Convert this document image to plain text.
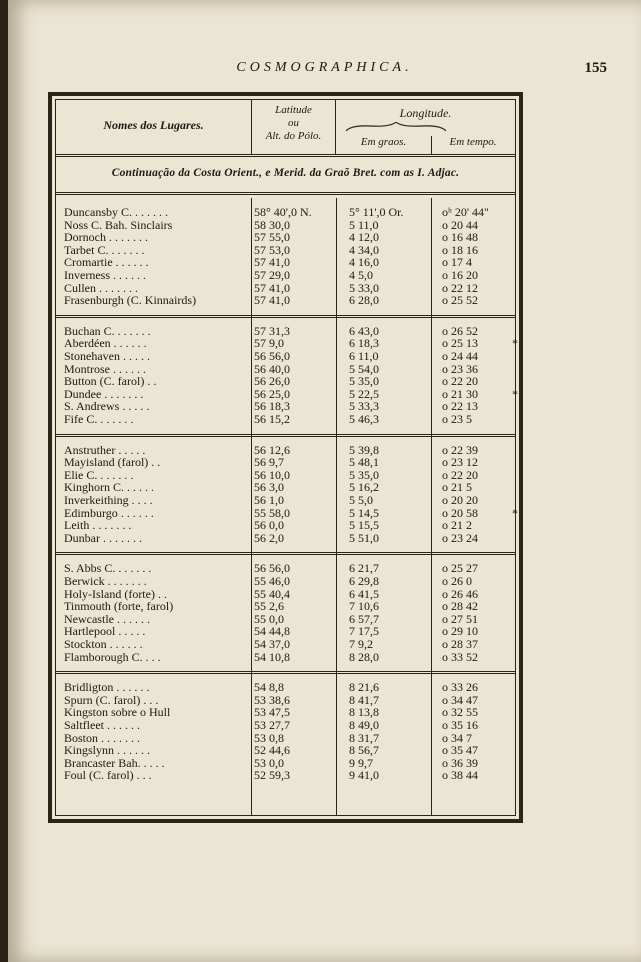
COSMOGRAPHICA.	155
Nomes dos Lugares.
Latitude
ou
Alt. do Pólo.
Longitude.
Em graos.	Em tempo.
Continuação da Costa Orient., e Merid. da Graõ Bret. com as I. Adjac.
Duncansby C. . . . . . .	58° 40',0 N.	5° 11',0 Or.	oʰ 20' 44"
Noss C. Bah. Sinclairs	58 30,0	5 11,0	o 20 44
Dornoch . . . . . . .	57 55,0	4 12,0	o 16 48
Tarbet C. . . . . . .	57 53,0	4 34,0	o 18 16
Cromartie . . . . . .	57 41,0	4 16,0	o 17 4
Inverness . . . . . .	57 29,0	4 5,0	o 16 20
Cullen . . . . . . .	57 41,0	5 33,0	o 22 12
Frasenburgh (C. Kinnairds)	57 41,0	6 28,0	o 25 52
Buchan C. . . . . . .	57 31,3	6 43,0	o 26 52
Aberdéen . . . . . .	57 9,0	6 18,3	o 25 13	*
Stonehaven . . . . .	56 56,0	6 11,0	o 24 44
Montrose . . . . . .	56 40,0	5 54,0	o 23 36
Button (C. farol) . .	56 26,0	5 35,0	o 22 20
Dundee . . . . . . .	56 25,0	5 22,5	o 21 30	*
S. Andrews . . . . .	56 18,3	5 33,3	o 22 13
Fife C. . . . . . .	56 15,2	5 46,3	o 23 5
Anstruther . . . . .	56 12,6	5 39,8	o 22 39
Mayisland (farol) . .	56 9,7	5 48,1	o 23 12
Elie C. . . . . . .	56 10,0	5 35,0	o 22 20
Kinghorn C. . . . . .	56 3,0	5 16,2	o 21 5
Inverkeithing . . . .	56 1,0	5 5,0	o 20 20
Edimburgo . . . . . .	55 58,0	5 14,5	o 20 58	*
Leith . . . . . . .	56 0,0	5 15,5	o 21 2
Dunbar . . . . . . .	56 2,0	5 51,0	o 23 24
S. Abbs C. . . . . . .	56 56,0	6 21,7	o 25 27
Berwick . . . . . . .	55 46,0	6 29,8	o 26 0
Holy-Island (forte) . .	55 40,4	6 41,5	o 26 46
Tinmouth (forte, farol)	55 2,6	7 10,6	o 28 42
Newcastle . . . . . .	55 0,0	6 57,7	o 27 51
Hartlepool . . . . .	54 44,8	7 17,5	o 29 10
Stockton . . . . . .	54 37,0	7 9,2	o 28 37
Flamborough C. . . .	54 10,8	8 28,0	o 33 52
Bridligton . . . . . .	54 8,8	8 21,6	o 33 26
Spurn (C. farol) . . .	53 38,6	8 41,7	o 34 47
Kingston sobre o Hull	53 47,5	8 13,8	o 32 55
Saltfleet . . . . . .	53 27,7	8 49,0	o 35 16
Boston . . . . . . .	53 0,8	8 31,7	o 34 7
Kingslynn . . . . . .	52 44,6	8 56,7	o 35 47
Brancaster Bah. . . . .	53 0,0	9 9,7	o 36 39
Foul (C. farol) . . .	52 59,3	9 41,0	o 38 44
